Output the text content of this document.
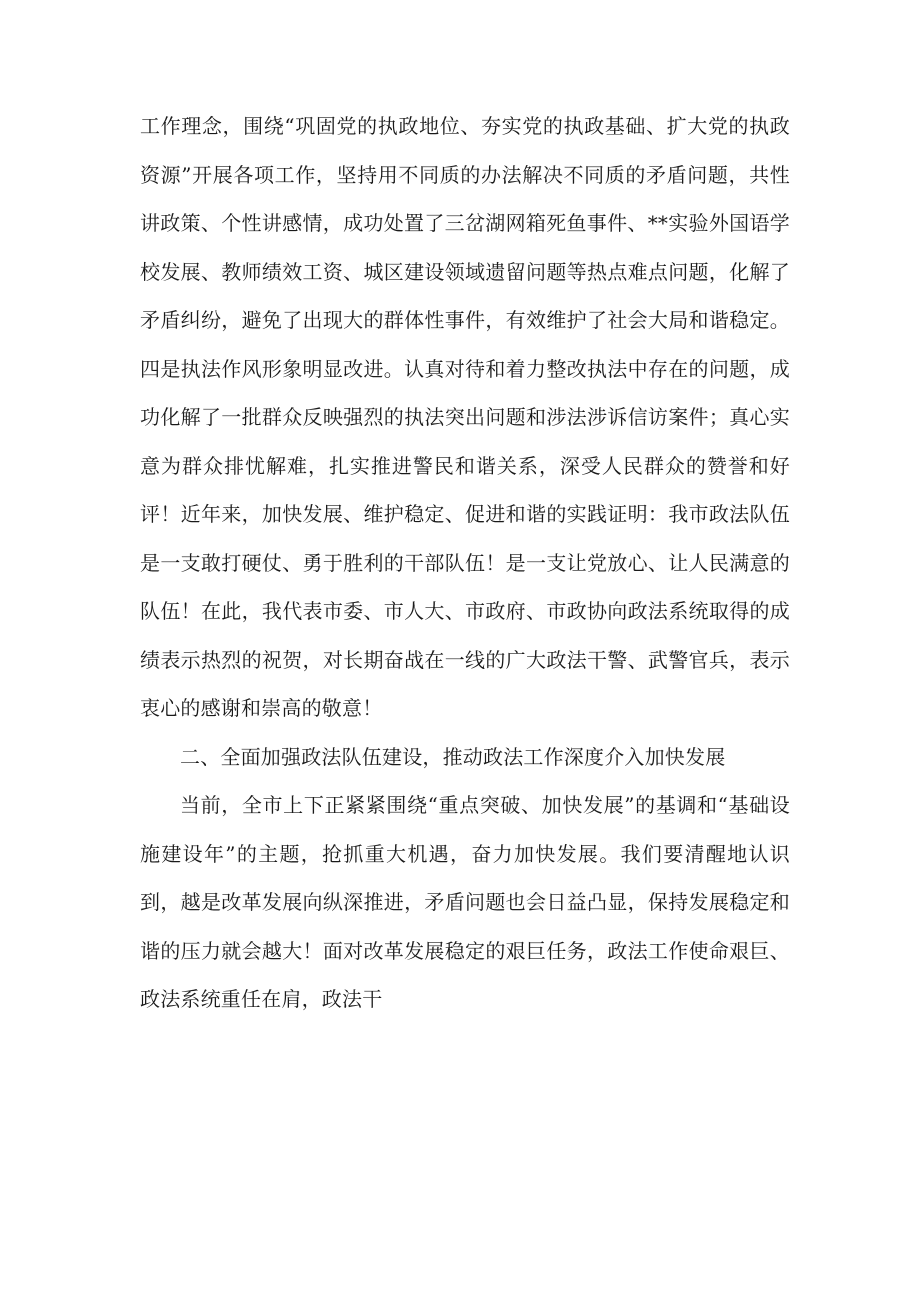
工作理念，围绕“巩固党的执政地位、夯实党的执政基础、扩大党的执政资源”开展各项工作，坚持用不同质的办法解决不同质的矛盾问题，共性讲政策、个性讲感情，成功处置了三岔湖网箱死鱼事件、**实验外国语学校发展、教师绩效工资、城区建设领域遗留问题等热点难点问题，化解了矛盾纠纷，避免了出现大的群体性事件，有效维护了社会大局和谐稳定。四是执法作风形象明显改进。认真对待和着力整改执法中存在的问题，成功化解了一批群众反映强烈的执法突出问题和涉法涉诉信访案件；真心实意为群众排忧解难，扎实推进警民和谐关系，深受人民群众的赞誉和好评！近年来，加快发展、维护稳定、促进和谐的实践证明：我市政法队伍是一支敢打硬仗、勇于胜利的干部队伍！是一支让党放心、让人民满意的队伍！在此，我代表市委、市人大、市政府、市政协向政法系统取得的成绩表示热烈的祝贺，对长期奋战在一线的广大政法干警、武警官兵，表示衷心的感谢和崇高的敬意！

二、全面加强政法队伍建设，推动政法工作深度介入加快发展

当前，全市上下正紧紧围绕“重点突破、加快发展”的基调和“基础设施建设年”的主题，抢抓重大机遇，奋力加快发展。我们要清醒地认识到，越是改革发展向纵深推进，矛盾问题也会日益凸显，保持发展稳定和谐的压力就会越大！面对改革发展稳定的艰巨任务，政法工作使命艰巨、政法系统重任在肩，政法干
